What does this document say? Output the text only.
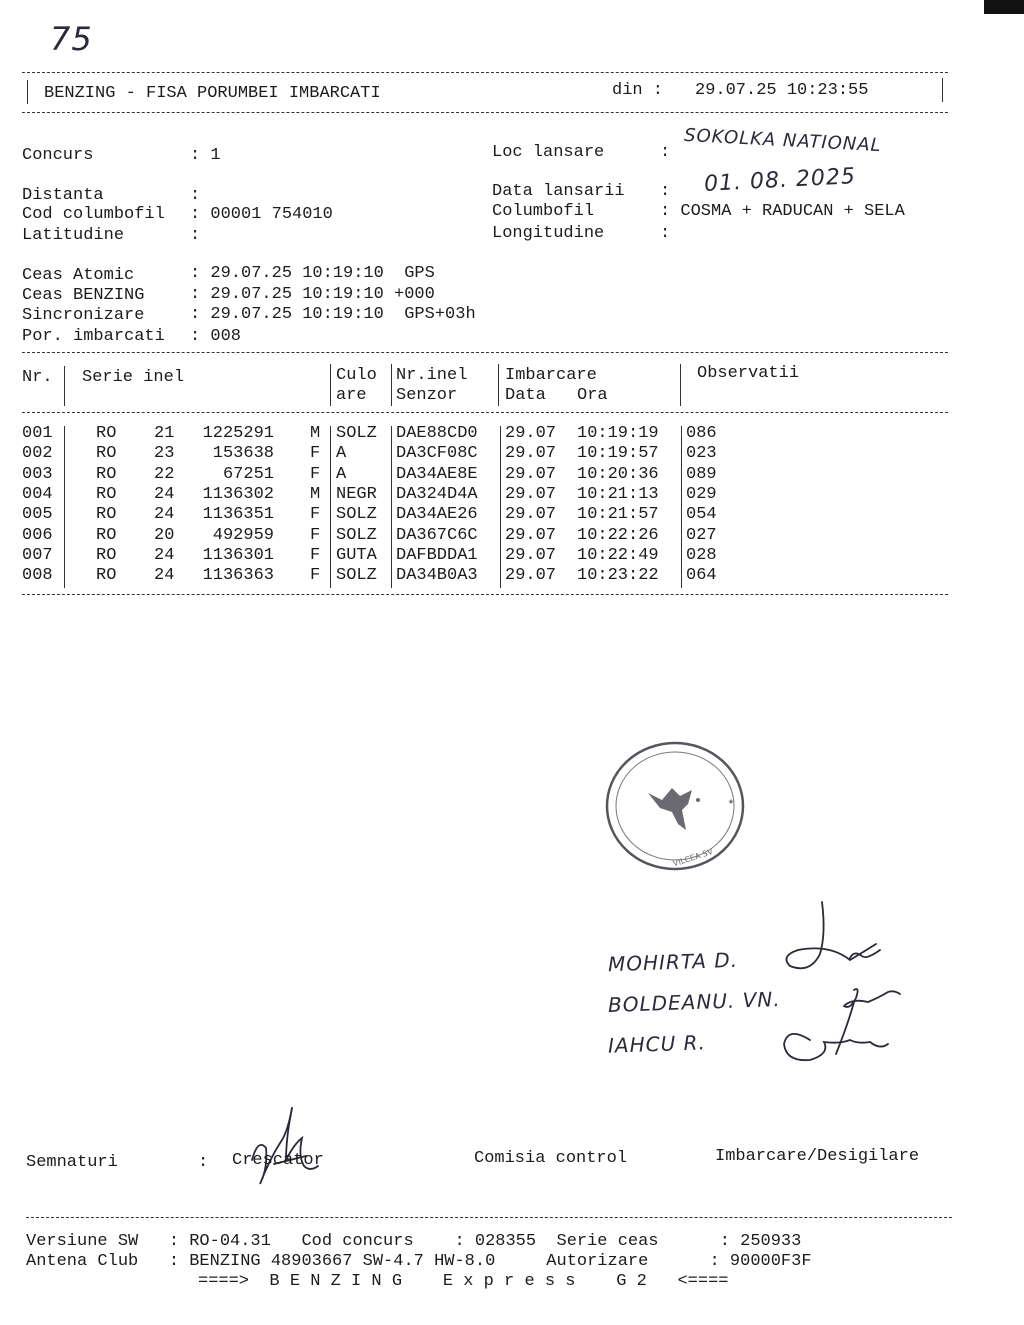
75
BENZING - FISA PORUMBEI IMBARCATI	din : 29.07.25 10:23:55
Concurs : 1
Distanta :
Cod columbofil : 00001 754010
Latitudine :
Loc lansare	: SOKOLKA NATIONAL
Data lansarii : 01. 08. 2025
Columbofil	: COSMA + RADUCAN + SELA
Longitudine	:
Ceas Atomic : 29.07.25 10:19:10  GPS
Ceas BENZING : 29.07.25 10:19:10 +000
Sincronizare : 29.07.25 10:19:10  GPS+03h
Por. imbarcati : 008
Nr. Serie inel	Culo
are
Nr.inel
Senzor
Imbarcare
Data Ora
Observatii
001	RO	21	1225291 M SOLZ	DAE88CD0	29.07	10:19:19	086
002	RO	23	153638 F A	DA3CF08C	29.07	10:19:57	023
003	RO	22	67251 F A	DA34AE8E	29.07	10:20:36	089
004	RO	24	1136302 M NEGR	DA324D4A	29.07	10:21:13	029
005	RO	24	1136351 F SOLZ	DA34AE26	29.07	10:21:57	054
006	RO	20	492959 F SOLZ	DA367C6C	29.07	10:22:26	027
007	RO	24	1136301 F GUTA	DAFBDDA1	29.07	10:22:49	028
008	RO	24	1136363 F SOLZ	DA34B0A3	29.07	10:23:22	064
★
VILCEA SV
MOHIRTA D.
BOLDEANU. VN.
IAHCU R.
Semnaturi	: Crescator	Comisia control	Imbarcare/Desigilare
Versiune SW   : RO-04.31   Cod concurs    : 028355  Serie ceas      : 250933
Antena Club   : BENZING 48903667 SW-4.7 HW-8.0     Autorizare      : 90000F3F
====>  B E N Z I N G    E x p r e s s    G 2   <====
